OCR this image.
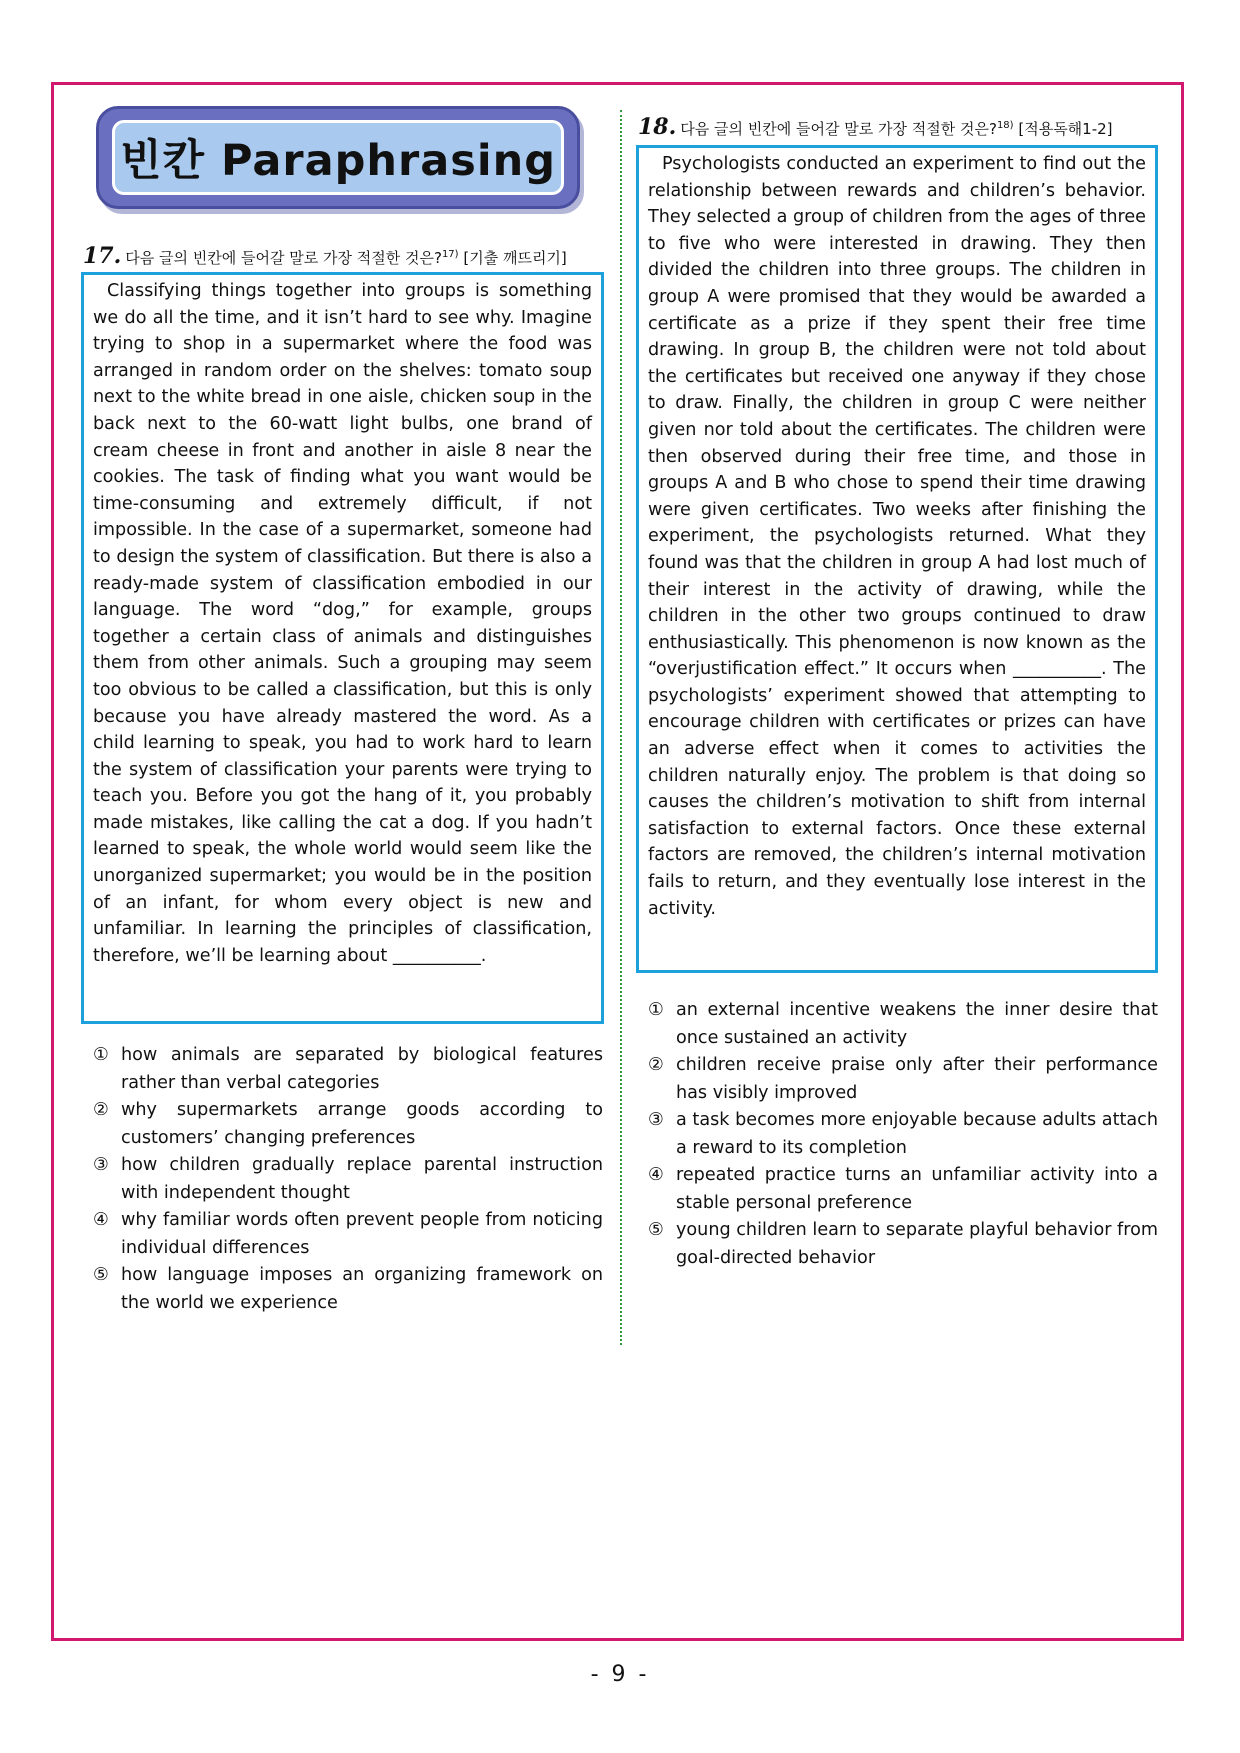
빈칸 Paraphrasing
17. 다음 글의 빈칸에 들어갈 말로 가장 적절한 것은?$^{17)}$ [기출 깨뜨리기]

Classifying things together into groups is something we do all the time, and it isn’t hard to see why. Imagine trying to shop in a supermarket where the food was arranged in random order on the shelves: tomato soup next to the white bread in one aisle, chicken soup in the back next to the 60-watt light bulbs, one brand of cream cheese in front and another in aisle 8 near the cookies. The task of finding what you want would be time-consuming and extremely difficult, if not impossible. In the case of a supermarket, someone had to design the system of classification. But there is also a ready-made system of classification embodied in our language. The word “dog,” for example, groups together a certain class of animals and distinguishes them from other animals. Such a grouping may seem too obvious to be called a classification, but this is only because you have already mastered the word. As a child learning to speak, you had to work hard to learn the system of classification your parents were trying to teach you. Before you got the hang of it, you probably made mistakes, like calling the cat a dog. If you hadn’t learned to speak, the whole world would seem like the unorganized supermarket; you would be in the position of an infant, for whom every object is new and unfamiliar. In learning the principles of classification, therefore, we’ll be learning about __________.

① how animals are separated by biological features rather than verbal categories
② why supermarkets arrange goods according to customers’ changing preferences
③ how children gradually replace parental instruction with independent thought
④ why familiar words often prevent people from noticing individual differences
⑤ how language imposes an organizing framework on the world we experience
18. 다음 글의 빈칸에 들어갈 말로 가장 적절한 것은?$^{18)}$ [적용독해1-2]

Psychologists conducted an experiment to find out the relationship between rewards and children’s behavior. They selected a group of children from the ages of three to five who were interested in drawing. They then divided the children into three groups. The children in group A were promised that they would be awarded a certificate as a prize if they spent their free time drawing. In group B, the children were not told about the certificates but received one anyway if they chose to draw. Finally, the children in group C were neither given nor told about the certificates. The children were then observed during their free time, and those in groups A and B who chose to spend their time drawing were given certificates. Two weeks after finishing the experiment, the psychologists returned. What they found was that the children in group A had lost much of their interest in the activity of drawing, while the children in the other two groups continued to draw enthusiastically. This phenomenon is now known as the “overjustification effect.” It occurs when __________. The psychologists’ experiment showed that attempting to encourage children with certificates or prizes can have an adverse effect when it comes to activities the children naturally enjoy. The problem is that doing so causes the children’s motivation to shift from internal satisfaction to external factors. Once these external factors are removed, the children’s internal motivation fails to return, and they eventually lose interest in the activity.

① an external incentive weakens the inner desire that once sustained an activity
② children receive praise only after their performance has visibly improved
③ a task becomes more enjoyable because adults attach a reward to its completion
④ repeated practice turns an unfamiliar activity into a stable personal preference
⑤ young children learn to separate playful behavior from goal-directed behavior
- 9 -
